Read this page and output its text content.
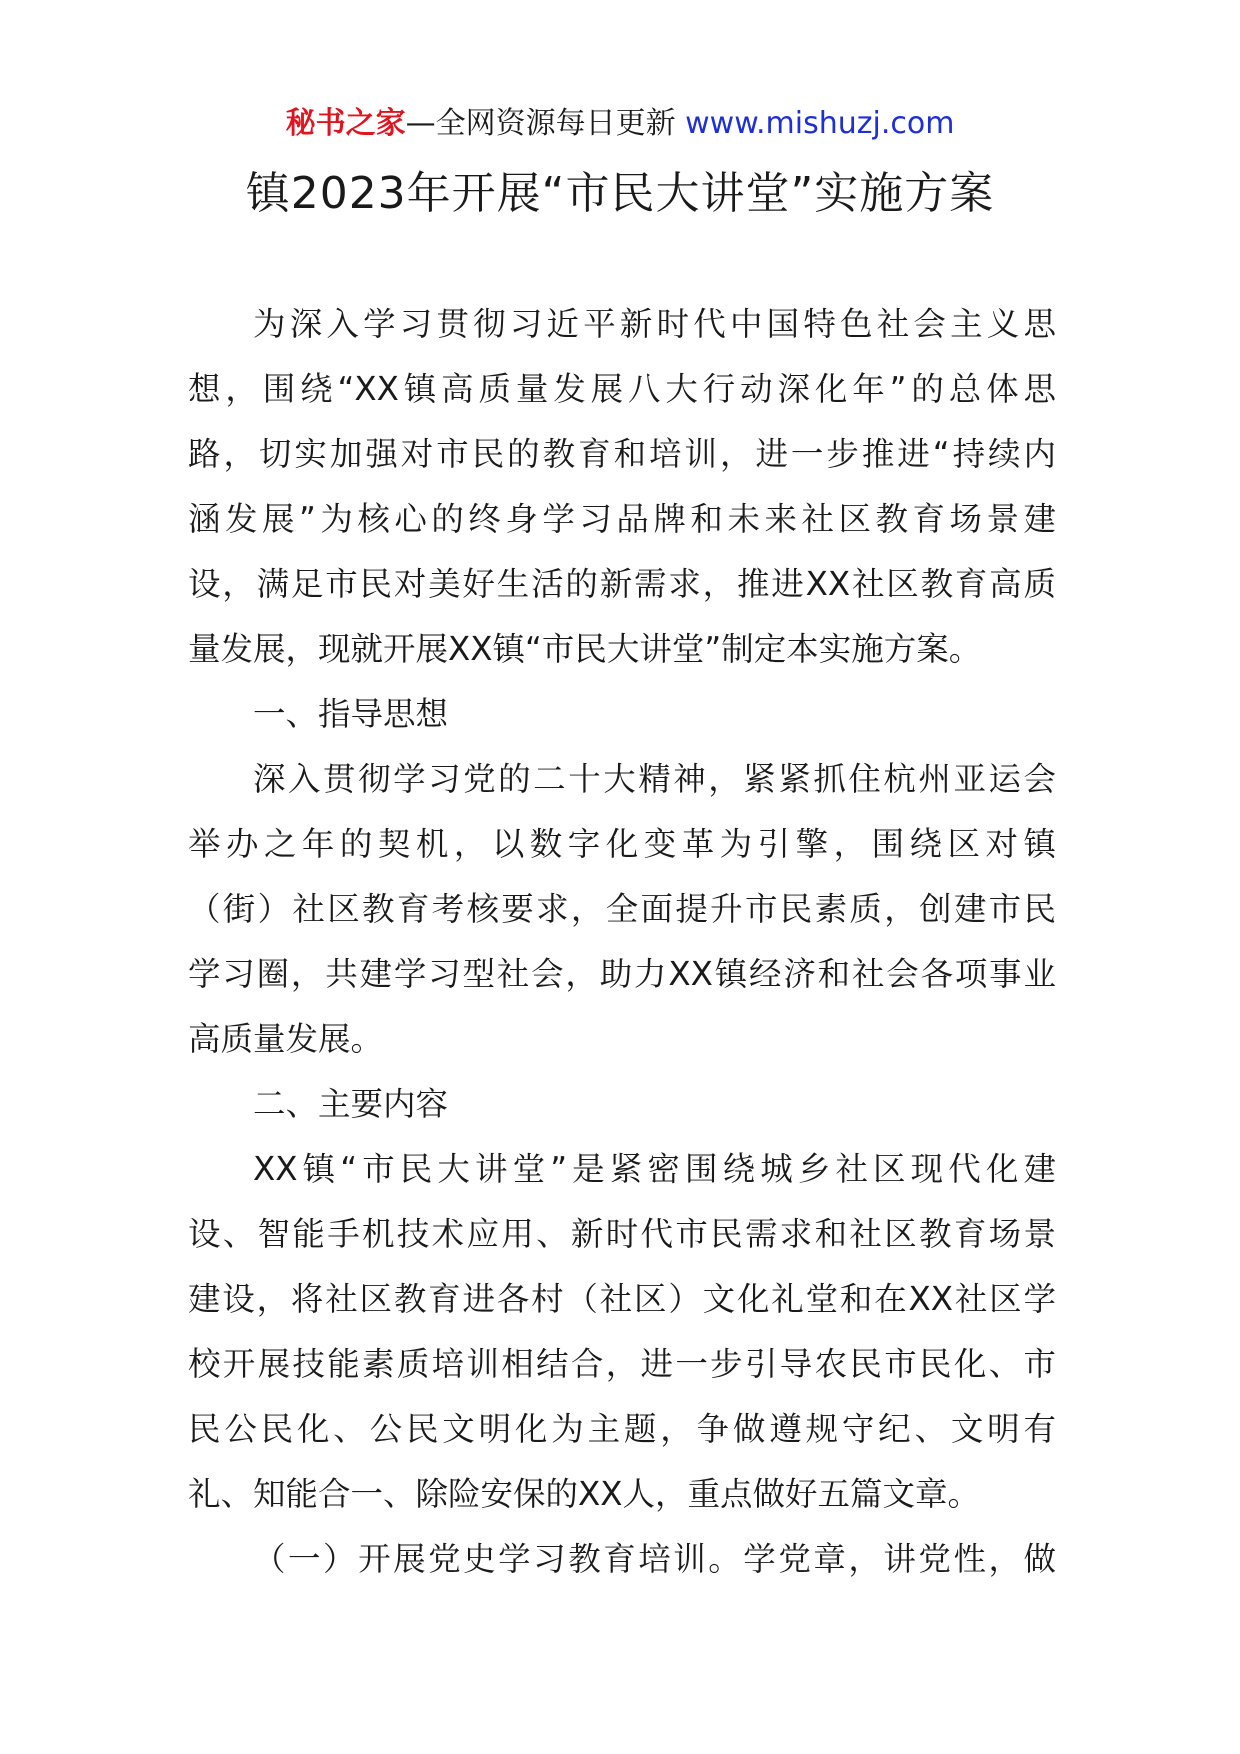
秘书之家—全网资源每日更新 www.mishuzj.com
镇2023年开展“市民大讲堂”实施方案
为深入学习贯彻习近平新时代中国特色社会主义思
想，围绕“XX镇高质量发展八大行动深化年”的总体思
路，切实加强对市民的教育和培训，进一步推进“持续内
涵发展”为核心的终身学习品牌和未来社区教育场景建
设，满足市民对美好生活的新需求，推进XX社区教育高质
量发展，现就开展XX镇“市民大讲堂”制定本实施方案。
一、指导思想
深入贯彻学习党的二十大精神，紧紧抓住杭州亚运会
举办之年的契机，以数字化变革为引擎，围绕区对镇
（街）社区教育考核要求，全面提升市民素质，创建市民
学习圈，共建学习型社会，助力XX镇经济和社会各项事业
高质量发展。
二、主要内容
XX镇“市民大讲堂”是紧密围绕城乡社区现代化建
设、智能手机技术应用、新时代市民需求和社区教育场景
建设，将社区教育进各村（社区）文化礼堂和在XX社区学
校开展技能素质培训相结合，进一步引导农民市民化、市
民公民化、公民文明化为主题，争做遵规守纪、文明有
礼、知能合一、除险安保的XX人，重点做好五篇文章。
（一）开展党史学习教育培训。学党章，讲党性，做
